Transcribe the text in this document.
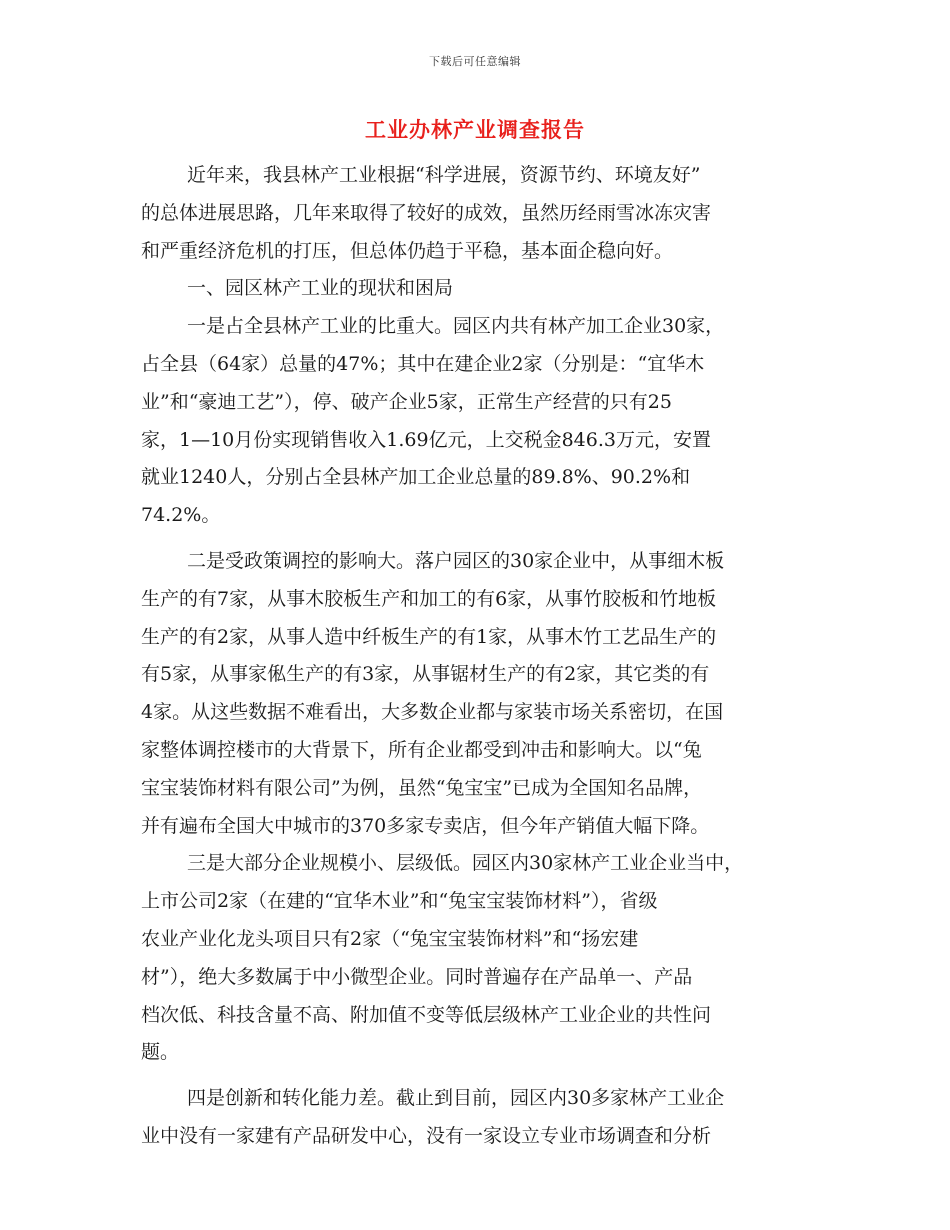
下载后可任意编辑
工业办林产业调查报告
近年来，我县林产工业根据“科学进展，资源节约、环境友好”
的总体进展思路，几年来取得了较好的成效，虽然历经雨雪冰冻灾害
和严重经济危机的打压，但总体仍趋于平稳，基本面企稳向好。
一、园区林产工业的现状和困局
一是占全县林产工业的比重大。园区内共有林产加工企业30家，
占全县（64家）总量的47%；其中在建企业2家（分别是：“宜华木
业”和“豪迪工艺”），停、破产企业5家，正常生产经营的只有25
家，1—10月份实现销售收入1.69亿元，上交税金846.3万元，安置
就业1240人，分别占全县林产加工企业总量的89.8%、90.2%和
74.2%。
二是受政策调控的影响大。落户园区的30家企业中，从事细木板
生产的有7家，从事木胶板生产和加工的有6家，从事竹胶板和竹地板
生产的有2家，从事人造中纤板生产的有1家，从事木竹工艺品生产的
有5家，从事家俬生产的有3家，从事锯材生产的有2家，其它类的有
4家。从这些数据不难看出，大多数企业都与家装市场关系密切，在国
家整体调控楼市的大背景下，所有企业都受到冲击和影响大。以“兔
宝宝装饰材料有限公司”为例，虽然“兔宝宝”已成为全国知名品牌，
并有遍布全国大中城市的370多家专卖店，但今年产销值大幅下降。
三是大部分企业规模小、层级低。园区内30家林产工业企业当中，
上市公司2家（在建的“宜华木业”和“兔宝宝装饰材料”），省级
农业产业化龙头项目只有2家（“兔宝宝装饰材料”和“扬宏建
材”），绝大多数属于中小微型企业。同时普遍存在产品单一、产品
档次低、科技含量不高、附加值不变等低层级林产工业企业的共性问
题。
四是创新和转化能力差。截止到目前，园区内30多家林产工业企
业中没有一家建有产品研发中心，没有一家设立专业市场调查和分析
